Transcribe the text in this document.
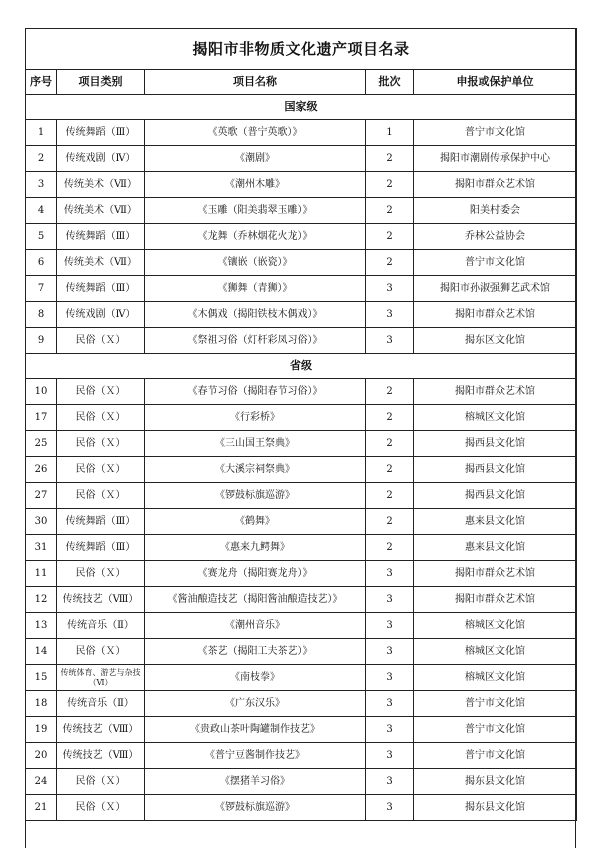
揭阳市非物质文化遗产项目名录				
序号	项目类别	项目名称	批次	申报或保护单位
国家级				
1	传统舞蹈（Ⅲ）	《英歌（普宁英歌）》	1	普宁市文化馆
2	传统戏剧（Ⅳ）	《潮剧》	2	揭阳市潮剧传承保护中心
3	传统美术（Ⅶ）	《潮州木雕》	2	揭阳市群众艺术馆
4	传统美术（Ⅶ）	《玉雕（阳美翡翠玉雕）》	2	阳美村委会
5	传统舞蹈（Ⅲ）	《龙舞（乔林烟花火龙）》	2	乔林公益协会
6	传统美术（Ⅶ）	《镶嵌（嵌瓷）》	2	普宁市文化馆
7	传统舞蹈（Ⅲ）	《狮舞（青狮）》	3	揭阳市孙淑强狮艺武术馆
8	传统戏剧（Ⅳ）	《木偶戏（揭阳铁枝木偶戏）》	3	揭阳市群众艺术馆
9	民俗（Ｘ）	《祭祖习俗（灯杆彩凤习俗）》	3	揭东区文化馆
省级				
10	民俗（Ｘ）	《春节习俗（揭阳春节习俗）》	2	揭阳市群众艺术馆
17	民俗（Ｘ）	《行彩桥》	2	榕城区文化馆
25	民俗（Ｘ）	《三山国王祭典》	2	揭西县文化馆
26	民俗（Ｘ）	《大溪宗祠祭典》	2	揭西县文化馆
27	民俗（Ｘ）	《锣鼓标旗巡游》	2	揭西县文化馆
30	传统舞蹈（Ⅲ）	《鹤舞》	2	惠来县文化馆
31	传统舞蹈（Ⅲ）	《惠来九鳄舞》	2	惠来县文化馆
11	民俗（Ｘ）	《赛龙舟（揭阳赛龙舟）》	3	揭阳市群众艺术馆
12	传统技艺（Ⅷ）	《酱油酿造技艺（揭阳酱油酿造技艺）》	3	揭阳市群众艺术馆
13	传统音乐（Ⅱ）	《潮州音乐》	3	榕城区文化馆
14	民俗（Ｘ）	《茶艺（揭阳工夫茶艺）》	3	榕城区文化馆
15	传统体育、游艺与杂技（Ⅵ）	《南枝拳》	3	榕城区文化馆
18	传统音乐（Ⅱ）	《广东汉乐》	3	普宁市文化馆
19	传统技艺（Ⅷ）	《贵政山茶叶陶罐制作技艺》	3	普宁市文化馆
20	传统技艺（Ⅷ）	《普宁豆酱制作技艺》	3	普宁市文化馆
24	民俗（Ｘ）	《摆猪羊习俗》	3	揭东县文化馆
21	民俗（Ｘ）	《锣鼓标旗巡游》	3	揭东县文化馆
